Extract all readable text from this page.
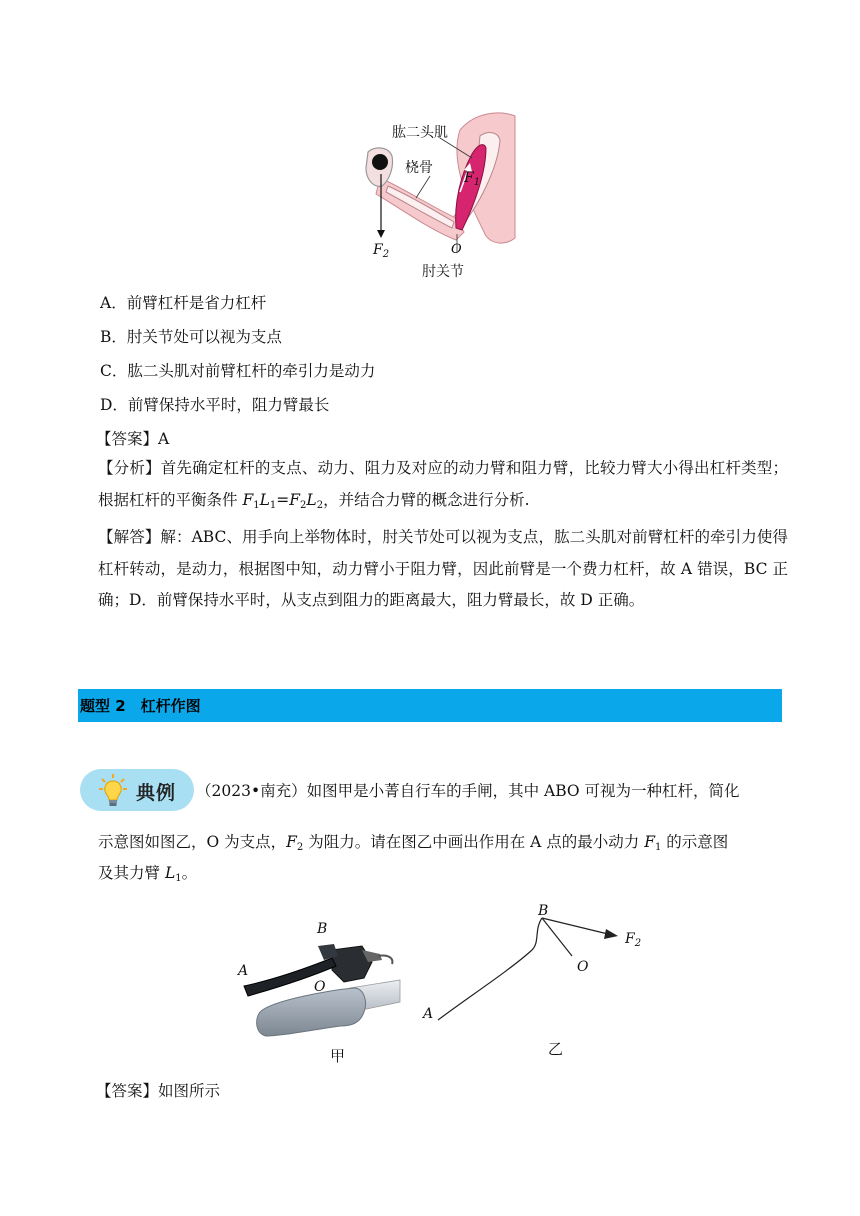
肱二头肌
桡骨
$F_1$
$F_2$	O
肘关节
A．前臂杠杆是省力杠杆
B．肘关节处可以视为支点
C．肱二头肌对前臂杠杆的牵引力是动力
D．前臂保持水平时，阻力臂最长
【答案】A
【分析】首先确定杠杆的支点、动力、阻力及对应的动力臂和阻力臂，比较力臂大小得出杠杆类型；根据杠杆的平衡条件 $F_1L_1=F_2L_2$，并结合力臂的概念进行分析.
【解答】解：ABC、用手向上举物体时，肘关节处可以视为支点，肱二头肌对前臂杠杆的牵引力使得杠杆转动，是动力，根据图中知，动力臂小于阻力臂，因此前臂是一个费力杠杆，故 A 错误，BC 正确；D．前臂保持水平时，从支点到阻力的距离最大，阻力臂最长，故 D 正确。
题型 2　杠杆作图
典例 （2023•南充）如图甲是小菁自行车的手闸，其中 ABO 可视为一种杠杆，简化
示意图如图乙，O 为支点，$F_2$ 为阻力。请在图乙中画出作用在 A 点的最小动力 $F_1$ 的示意图
及其力臂 $L_1$。
B
A
O
甲
B
$F_2$
O
A
乙
【答案】如图所示
